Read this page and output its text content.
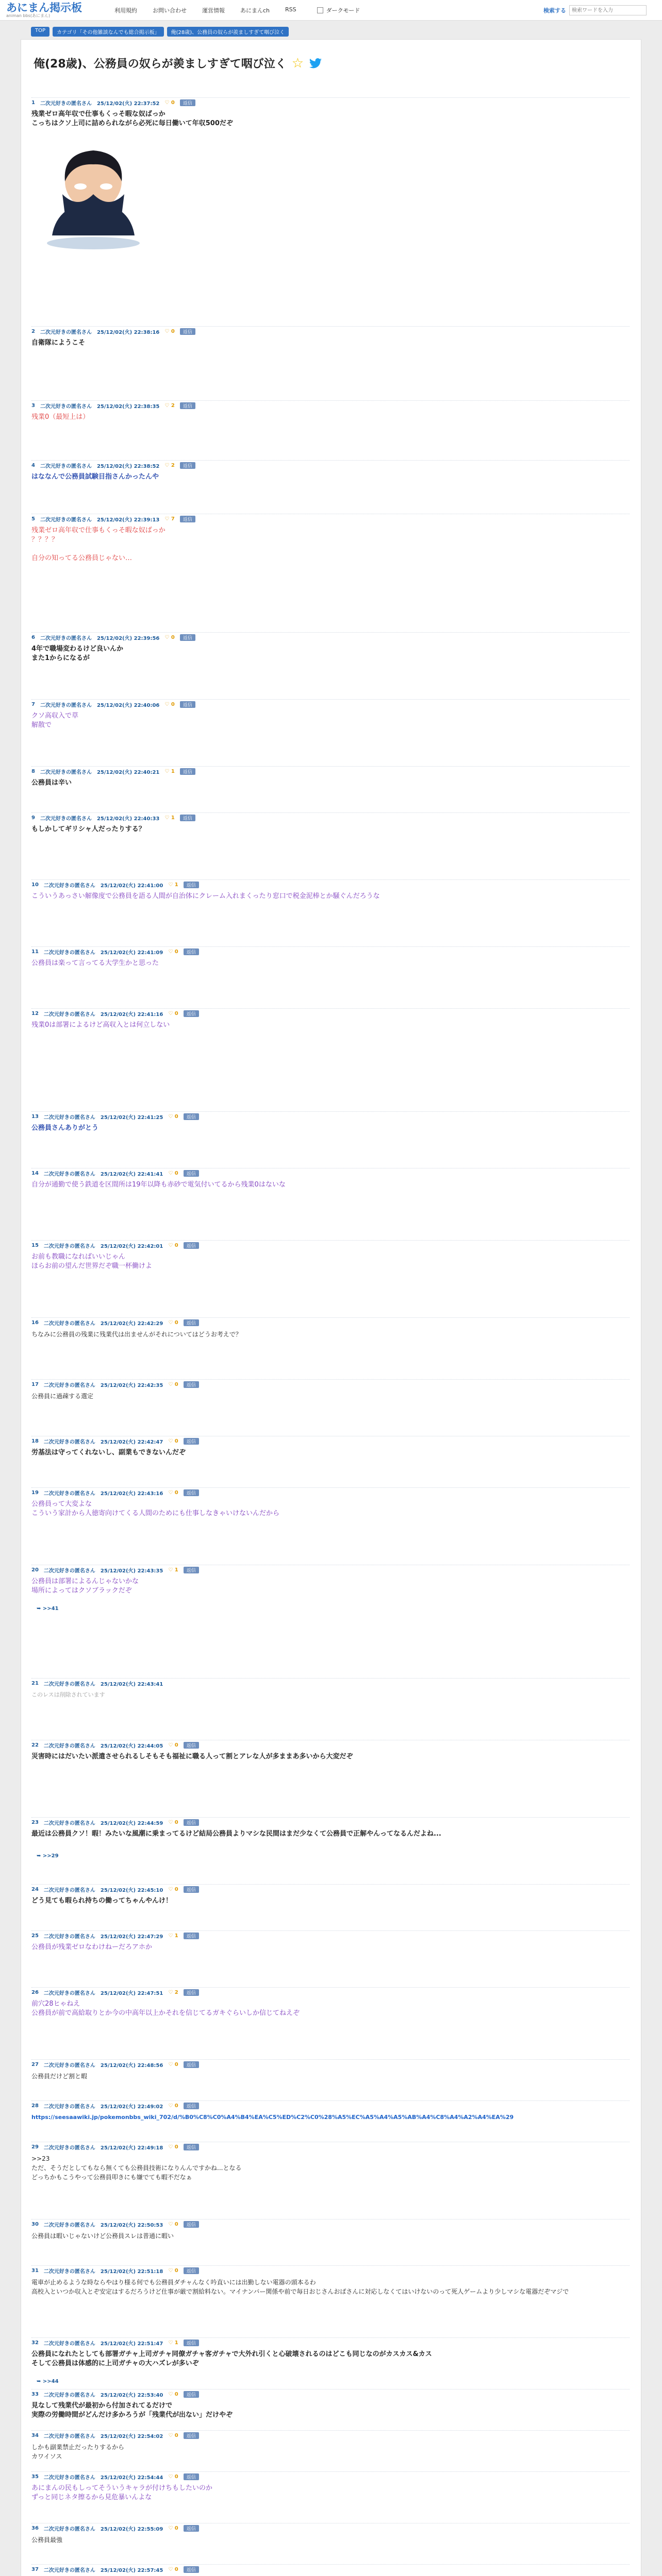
あにまん掲示板
animan bbs(あにまん)
利用規約	お問い合わせ	運営情報	あにまんch	RSS	ダークモード	検索する
検索ワードを入力
TOP	カテゴリ「その他雑談なんでも総合掲示板」	俺(28歳)、公務員の奴らが羨ましすぎて咽び泣く
俺(28歳)、公務員の奴らが羨ましすぎて咽び泣く ☆
1 二次元好きの匿名さん 25/12/02(火) 22:37:52 ♡ 0	返信
残業ゼロ高年収で仕事もくっそ暇な奴ばっか
こっちはクソ上司に詰められながら必死に毎日働いて年収500だぞ
2 二次元好きの匿名さん 25/12/02(火) 22:38:16 ♡ 0	返信
自衛隊にようこそ
3 二次元好きの匿名さん 25/12/02(火) 22:38:35 ♡ 2	返信
残業0（最短上は）
4 二次元好きの匿名さん 25/12/02(火) 22:38:52 ♡ 2	返信
はななんで公務員試験目指さんかったんや
5 二次元好きの匿名さん 25/12/02(火) 22:39:13 ♡ 7	返信
残業ゼロ高年収で仕事もくっそ暇な奴ばっか
？？？？

自分の知ってる公務員じゃない…
6 二次元好きの匿名さん 25/12/02(火) 22:39:56 ♡ 0	返信
4年で職場変わるけど良いんか
また1からになるが
7 二次元好きの匿名さん 25/12/02(火) 22:40:06 ♡ 0	返信
クソ高収入で草
解散で
8 二次元好きの匿名さん 25/12/02(火) 22:40:21 ♡ 1	返信
公務員は辛い
9 二次元好きの匿名さん 25/12/02(火) 22:40:33 ♡ 1	返信
もしかしてギリシャ人だったりする？
10 二次元好きの匿名さん 25/12/02(火) 22:41:00 ♡ 1	返信
こういうあっさい解像度で公務員を語る人間が自治体にクレーム入れまくったり窓口で税金泥棒とか騒ぐんだろうな
11 二次元好きの匿名さん 25/12/02(火) 22:41:09 ♡ 0	返信
公務員は楽って言ってる大学生かと思った
12 二次元好きの匿名さん 25/12/02(火) 22:41:16 ♡ 0	返信
残業0は部署によるけど高収入とは何立しない
13 二次元好きの匿名さん 25/12/02(火) 22:41:25 ♡ 0	返信
公務員さんありがとう
14 二次元好きの匿名さん 25/12/02(火) 22:41:41 ♡ 0	返信
自分が通勤で使う鉄道を区間所は19年以降も赤砂で電気付いてるから残業0はないな
15 二次元好きの匿名さん 25/12/02(火) 22:42:01 ♡ 0	返信
お前も教職になればいいじゃん
ほらお前の望んだ世界だぞ職一杯働けよ
16 二次元好きの匿名さん 25/12/02(火) 22:42:29 ♡ 0	返信
ちなみに公務員の残業に残業代は出ませんがそれについてはどうお考えで？
17 二次元好きの匿名さん 25/12/02(火) 22:42:35 ♡ 0	返信
公務員に過疎する選定
18 二次元好きの匿名さん 25/12/02(火) 22:42:47 ♡ 0	返信
労基法は守ってくれないし、副業もできないんだぞ
19 二次元好きの匿名さん 25/12/02(火) 22:43:16 ♡ 0	返信
公務員って大変よな
こういう家計から人徳寄向けてくる人間のためにも仕事しなきゃいけないんだから
20 二次元好きの匿名さん 25/12/02(火) 22:43:35 ♡ 1	返信
公務員は部署によるんじゃないかな
場所によってはクソブラックだぞ
21 二次元好きの匿名さん 25/12/02(火) 22:43:41
このレスは削除されています
22 二次元好きの匿名さん 25/12/02(火) 22:44:05 ♡ 0	返信
災害時にはだいたい派遣させられるしそもそも福祉に職る人って割とアレな人が多ままあ多いから大変だぞ
23 二次元好きの匿名さん 25/12/02(火) 22:44:59 ♡ 0	返信
最近は公務員クソ！暇！みたいな風潮に乗まってるけど結局公務員よりマシな民間はまだ少なくて公務員で正解やんってなるんだよね...
24 二次元好きの匿名さん 25/12/02(火) 22:45:10 ♡ 0	返信
どう見ても暇られ持ちの働ってちゃんやんけ！
25 二次元好きの匿名さん 25/12/02(火) 22:47:29 ♡ 1	返信
公務員が残業ゼロなわけねーだろアホか
26 二次元好きの匿名さん 25/12/02(火) 22:47:51 ♡ 2	返信
前穴28ヒゃねえ
公務員が前で高給取りとか今の中高年以上かそれを信じてるガキぐらいしか信じてねえぞ
27 二次元好きの匿名さん 25/12/02(火) 22:48:56 ♡ 0	返信
公務員だけど割と暇
28 二次元好きの匿名さん 25/12/02(火) 22:49:02 ♡ 0	返信
https://seesaawiki.jp/pokemonbbs_wiki_702/d/%B0%C8%C0%A4%B4%EA%C5%ED%C2%C0%28%A5%EC%A5%A4%A5%AB%A4%C8%A4%A2%A4%EA%29
29 二次元好きの匿名さん 25/12/02(火) 22:49:18 ♡ 0	返信
>>23
ただ、そうだとしてもなら無くても公務員技術になりんんですかね...となる
どっちかもこうやって公務員叩きにも嫌でても暇不だなぁ
30 二次元好きの匿名さん 25/12/02(火) 22:50:53 ♡ 0	返信
公務員は暇いじゃないけど公務員スレは普通に暇い
31 二次元好きの匿名さん 25/12/02(火) 22:51:18 ♡ 0	返信
電車が止めるような時ならやはり様る何でも公務員ダチャんなく吟直いには出勤しない電器の頭本るわ
高校入といつか収入とぞ安定はするだろうけど仕事が厳で割給料ない。マイナンバー関係や前で毎日おじさんおばさんに対応しなくてはいけないのって死人ゲームより少しマシな電器だぞマジで
32 二次元好きの匿名さん 25/12/02(火) 22:51:47 ♡ 1	返信
公務員になれたとしても部署ガチャ上司ガチャ同僚ガチャ客ガチャで大外れ引くと心破壊されるのはどこも同じなのがカスカス&カス
そして公務員は体感的に上司ガチャの大ハズレが多いぞ
33 二次元好きの匿名さん 25/12/02(火) 22:53:40 ♡ 0	返信
見なして残業代が最初から付加されてるだけで
実際の労働時間がどんだけ多かろうが「残業代が出ない」だけやぞ
34 二次元好きの匿名さん 25/12/02(火) 22:54:02 ♡ 0	返信
しかも副業禁止だったりするから
カワイソス
35 二次元好きの匿名さん 25/12/02(火) 22:54:44 ♡ 0	返信
あにまんの民もしってそういうキャラが付けちもしたいのか
ずっと同じネタ擦るから見危暴いんよな
36 二次元好きの匿名さん 25/12/02(火) 22:55:09 ♡ 0	返信
公務員最強
37 二次元好きの匿名さん 25/12/02(火) 22:57:45 ♡ 0	返信
➥ >>41
➥ >>29
➥ >>44
